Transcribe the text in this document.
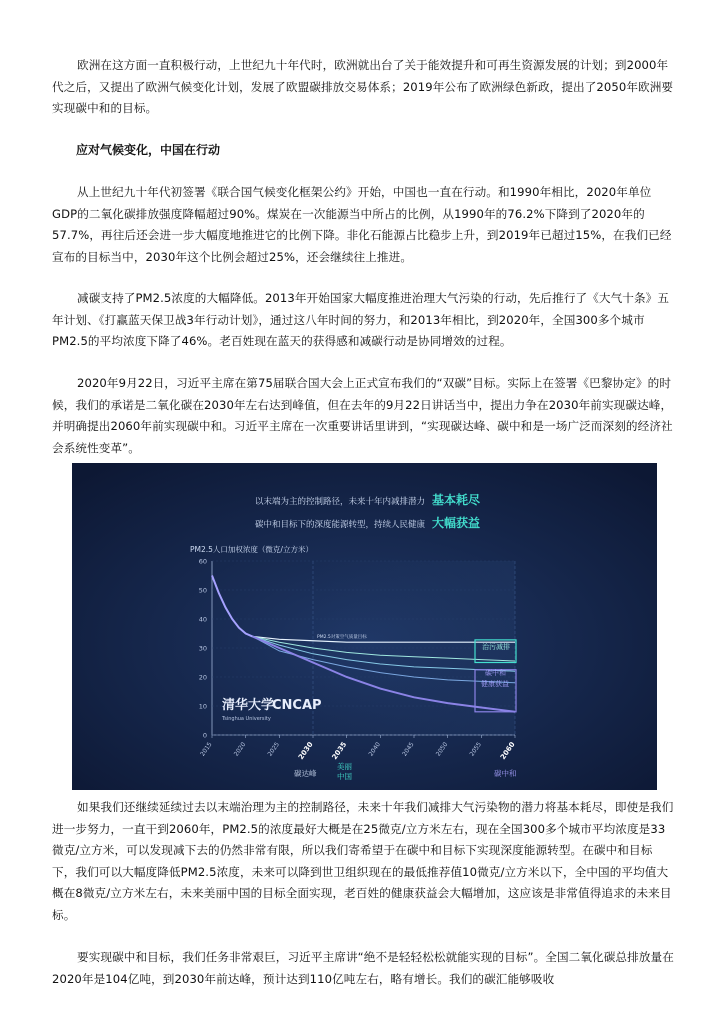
欧洲在这方面一直积极行动，上世纪九十年代时，欧洲就出台了关于能效提升和可再生资源发展的计划；到2000年代之后，又提出了欧洲气候变化计划，发展了欧盟碳排放交易体系；2019年公布了欧洲绿色新政，提出了2050年欧洲要实现碳中和的目标。

应对气候变化，中国在行动

从上世纪九十年代初签署《联合国气候变化框架公约》开始，中国也一直在行动。和1990年相比，2020年单位GDP的二氧化碳排放强度降幅超过90%。煤炭在一次能源当中所占的比例，从1990年的76.2%下降到了2020年的57.7%，再往后还会进一步大幅度地推进它的比例下降。非化石能源占比稳步上升，到2019年已超过15%，在我们已经宣布的目标当中，2030年这个比例会超过25%，还会继续往上推进。

减碳支持了PM2.5浓度的大幅降低。2013年开始国家大幅度推进治理大气污染的行动，先后推行了《大气十条》五年计划、《打赢蓝天保卫战3年行动计划》，通过这八年时间的努力，和2013年相比，到2020年，全国300多个城市PM2.5的平均浓度下降了46%。老百姓现在蓝天的获得感和减碳行动是协同增效的过程。

2020年9月22日，习近平主席在第75届联合国大会上正式宣布我们的“双碳”目标。实际上在签署《巴黎协定》的时候，我们的承诺是二氧化碳在2030年左右达到峰值，但在去年的9月22日讲话当中，提出力争在2030年前实现碳达峰，并明确提出2060年前实现碳中和。习近平主席在一次重要讲话里讲到，“实现碳达峰、碳中和是一场广泛而深刻的经济社会系统性变革”。

以末端为主的控制路径，未来十年内减排潜力 基本耗尽
碳中和目标下的深度能源转型，持续人民健康 大幅获益
PM2.5人口加权浓度（微克/立方米）
0
10
20
30
40
50
60
2015	2020	2025 2030 2035	2040	2045	2050	2055 2060
PM2.5对策空气质量目标
清华大学
CNCAP
Tsinghua University
治污减排
碳中和
健康获益
碳达峰
美丽
中国	碳中和

如果我们还继续延续过去以末端治理为主的控制路径，未来十年我们减排大气污染物的潜力将基本耗尽，即使是我们进一步努力，一直干到2060年，PM2.5的浓度最好大概是在25微克/立方米左右，现在全国300多个城市平均浓度是33微克/立方米，可以发现减下去的仍然非常有限，所以我们寄希望于在碳中和目标下实现深度能源转型。在碳中和目标下，我们可以大幅度降低PM2.5浓度，未来可以降到世卫组织现在的最低推荐值10微克/立方米以下，全中国的平均值大概在8微克/立方米左右，未来美丽中国的目标全面实现，老百姓的健康获益会大幅增加，这应该是非常值得追求的未来目标。

要实现碳中和目标，我们任务非常艰巨，习近平主席讲“绝不是轻轻松松就能实现的目标”。全国二氧化碳总排放量在2020年是104亿吨，到2030年前达峰，预计达到110亿吨左右，略有增长。我们的碳汇能够吸收
